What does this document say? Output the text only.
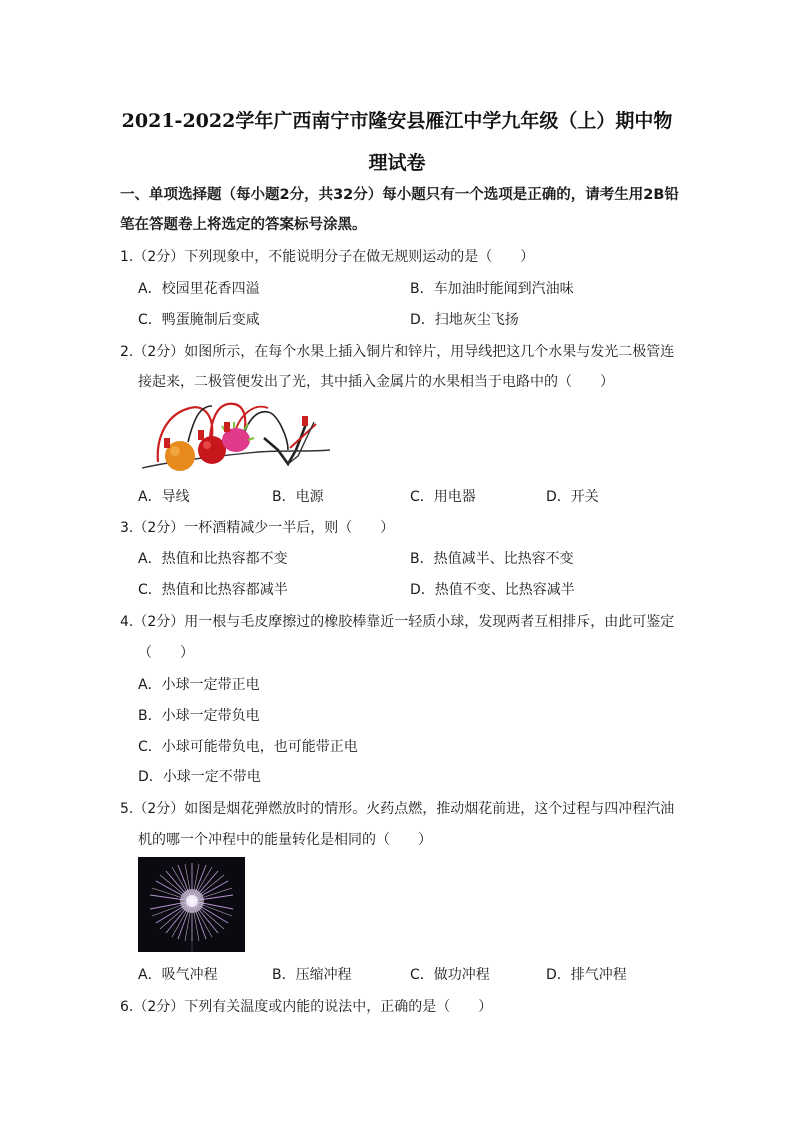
2021-2022学年广西南宁市隆安县雁江中学九年级（上）期中物
理试卷
一、单项选择题（每小题2分，共32分）每小题只有一个选项是正确的，请考生用2B铅
笔在答题卷上将选定的答案标号涂黑。
1.（2分）下列现象中，不能说明分子在做无规则运动的是（　　）
A．校园里花香四溢	B．车加油时能闻到汽油味
C．鸭蛋腌制后变咸	D．扫地灰尘飞扬
2.（2分）如图所示，在每个水果上插入铜片和锌片，用导线把这几个水果与发光二极管连
接起来，二极管便发出了光，其中插入金属片的水果相当于电路中的（　　）
A．导线	B．电源	C．用电器	D．开关
3.（2分）一杯酒精减少一半后，则（　　）
A．热值和比热容都不变	B．热值减半、比热容不变
C．热值和比热容都减半	D．热值不变、比热容减半
4.（2分）用一根与毛皮摩擦过的橡胶棒靠近一轻质小球，发现两者互相排斥，由此可鉴定
（　　）
A．小球一定带正电
B．小球一定带负电
C．小球可能带负电，也可能带正电
D．小球一定不带电
5.（2分）如图是烟花弹燃放时的情形。火药点燃，推动烟花前进，这个过程与四冲程汽油
机的哪一个冲程中的能量转化是相同的（　　）
A．吸气冲程	B．压缩冲程	C．做功冲程	D．排气冲程
6.（2分）下列有关温度或内能的说法中，正确的是（　　）
